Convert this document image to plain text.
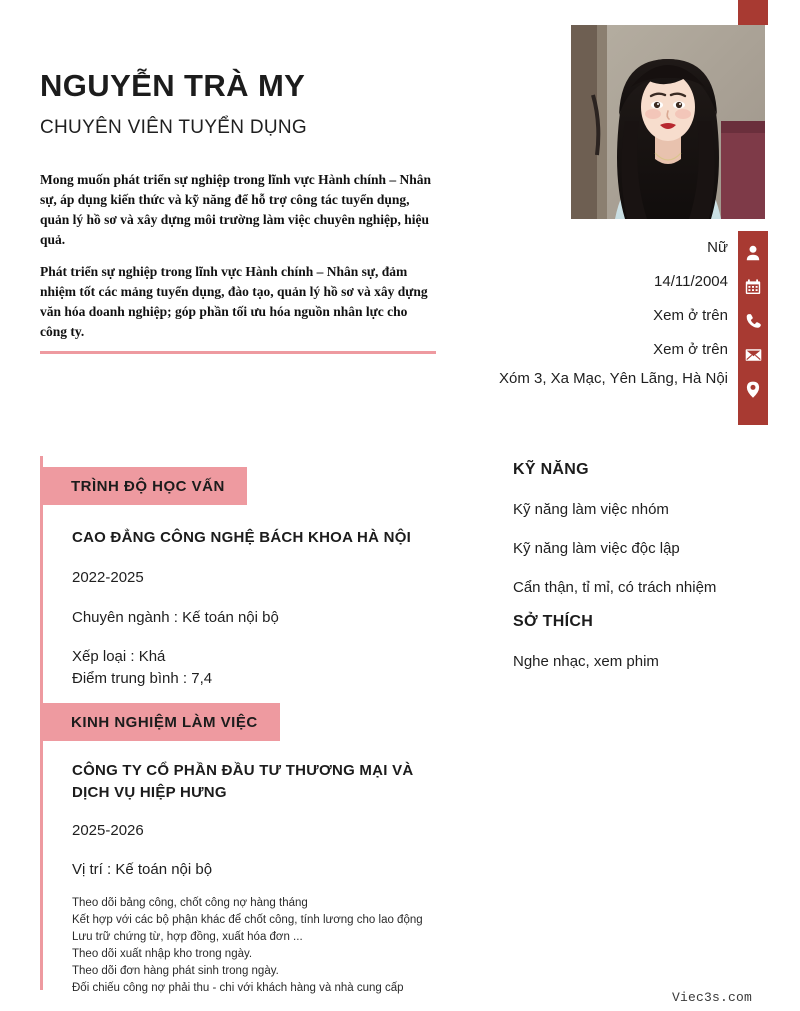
NGUYỄN TRÀ MY
CHUYÊN VIÊN TUYỂN DỤNG

Mong muốn phát triển sự nghiệp trong lĩnh vực Hành chính – Nhân sự, áp dụng kiến thức và kỹ năng để hỗ trợ công tác tuyển dụng, quản lý hồ sơ và xây dựng môi trường làm việc chuyên nghiệp, hiệu quả.

Phát triển sự nghiệp trong lĩnh vực Hành chính – Nhân sự, đảm nhiệm tốt các mảng tuyển dụng, đào tạo, quản lý hồ sơ và xây dựng văn hóa doanh nghiệp; góp phần tối ưu hóa nguồn nhân lực cho công ty.

Nữ
14/11/2004
Xem ở trên
Xem ở trên
Xóm 3, Xa Mạc, Yên Lãng, Hà Nội
TRÌNH ĐỘ HỌC VẤN
CAO ĐẲNG CÔNG NGHỆ BÁCH KHOA HÀ NỘI
2022-2025
Chuyên ngành : Kế toán nội bộ
Xếp loại : Khá
Điểm trung bình : 7,4
KINH NGHIỆM LÀM VIỆC
CÔNG TY CỔ PHẦN ĐẦU TƯ THƯƠNG MẠI VÀ DỊCH VỤ HIỆP HƯNG
2025-2026
Vị trí : Kế toán nội bộ
Theo dõi bảng công, chốt công nợ hàng tháng
Kết hợp với các bộ phận khác để chốt công, tính lương cho lao động
Lưu trữ chứng từ, hợp đồng, xuất hóa đơn ...
Theo dõi xuất nhập kho trong ngày.
Theo dõi đơn hàng phát sinh trong ngày.
Đối chiếu công nợ phải thu - chi với khách hàng và nhà cung cấp
KỸ NĂNG
Kỹ năng làm việc nhóm
Kỹ năng làm việc độc lập
Cẩn thận, tỉ mỉ, có trách nhiệm
SỞ THÍCH
Nghe nhạc, xem phim
Viec3s.com
